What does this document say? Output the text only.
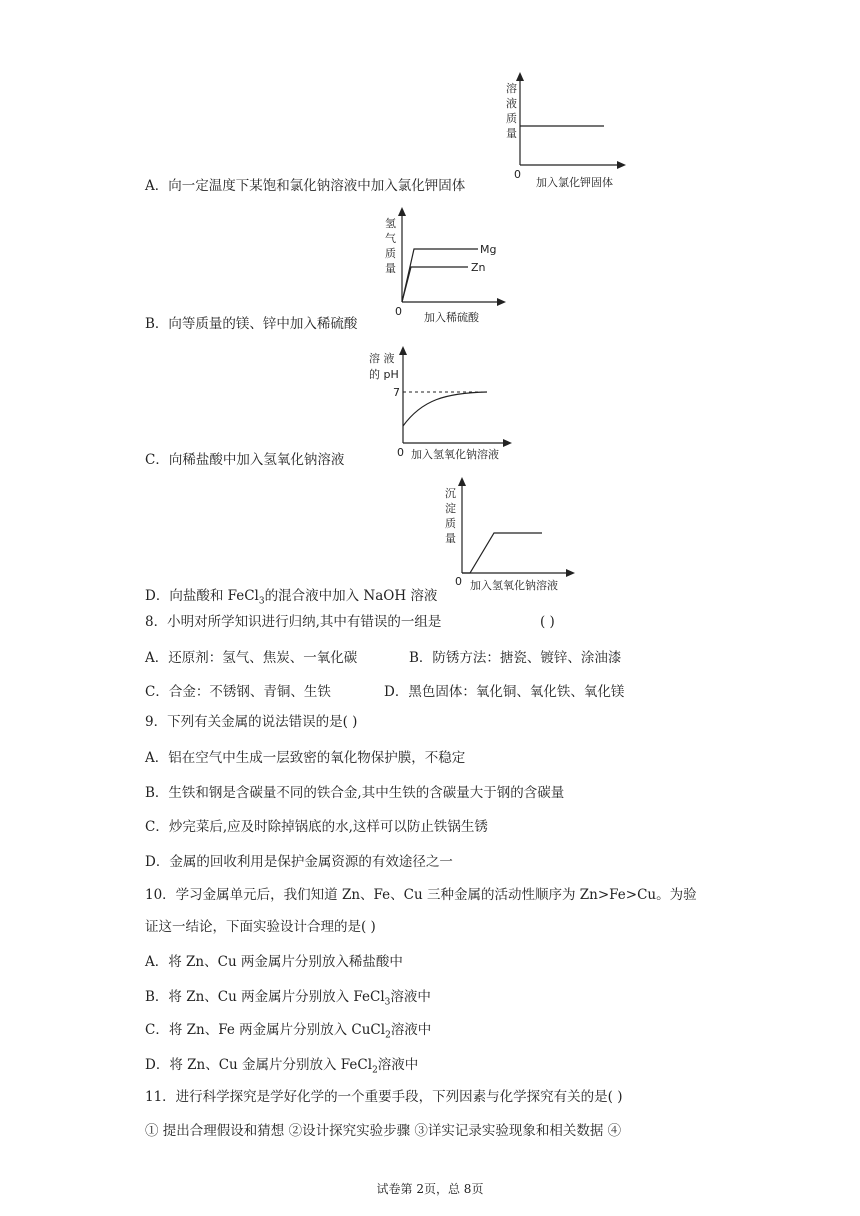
溶
液
质
量
0
加入氯化钾固体
A．向一定温度下某饱和氯化钠溶液中加入氯化钾固体
Mg
Zn
氢
气
质
量
0 加入稀硫酸
B．向等质量的镁、锌中加入稀硫酸
溶 液
的 pH
7
0 加入氢氧化钠溶液
C．向稀盐酸中加入氢氧化钠溶液
沉
淀
质
量
0 加入氢氧化钠溶液
D．向盐酸和 FeCl$_3$的混合液中加入 NaOH 溶液
8．小明对所学知识进行归纳,其中有错误的一组是	( )
A．还原剂：氢气、焦炭、一氧化碳	B．防锈方法：搪瓷、镀锌、涂油漆
C．合金：不锈钢、青铜、生铁	D．黑色固体：氧化铜、氧化铁、氧化镁
9．下列有关金属的说法错误的是( )
A．铝在空气中生成一层致密的氧化物保护膜，不稳定
B．生铁和钢是含碳量不同的铁合金,其中生铁的含碳量大于钢的含碳量
C．炒完菜后,应及时除掉锅底的水,这样可以防止铁锅生锈
D．金属的回收利用是保护金属资源的有效途径之一
10．学习金属单元后，我们知道 Zn、Fe、Cu 三种金属的活动性顺序为 Zn>Fe>Cu。为验
证这一结论，下面实验设计合理的是( )
A．将 Zn、Cu 两金属片分别放入稀盐酸中
B．将 Zn、Cu 两金属片分别放入 FeCl$_3$溶液中
C．将 Zn、Fe 两金属片分别放入 CuCl$_2$溶液中
D．将 Zn、Cu 金属片分别放入 FeCl$_2$溶液中
11．进行科学探究是学好化学的一个重要手段，下列因素与化学探究有关的是( )
① 提出合理假设和猜想 ②设计探究实验步骤 ③详实记录实验现象和相关数据 ④
试卷第 2页，总 8页
